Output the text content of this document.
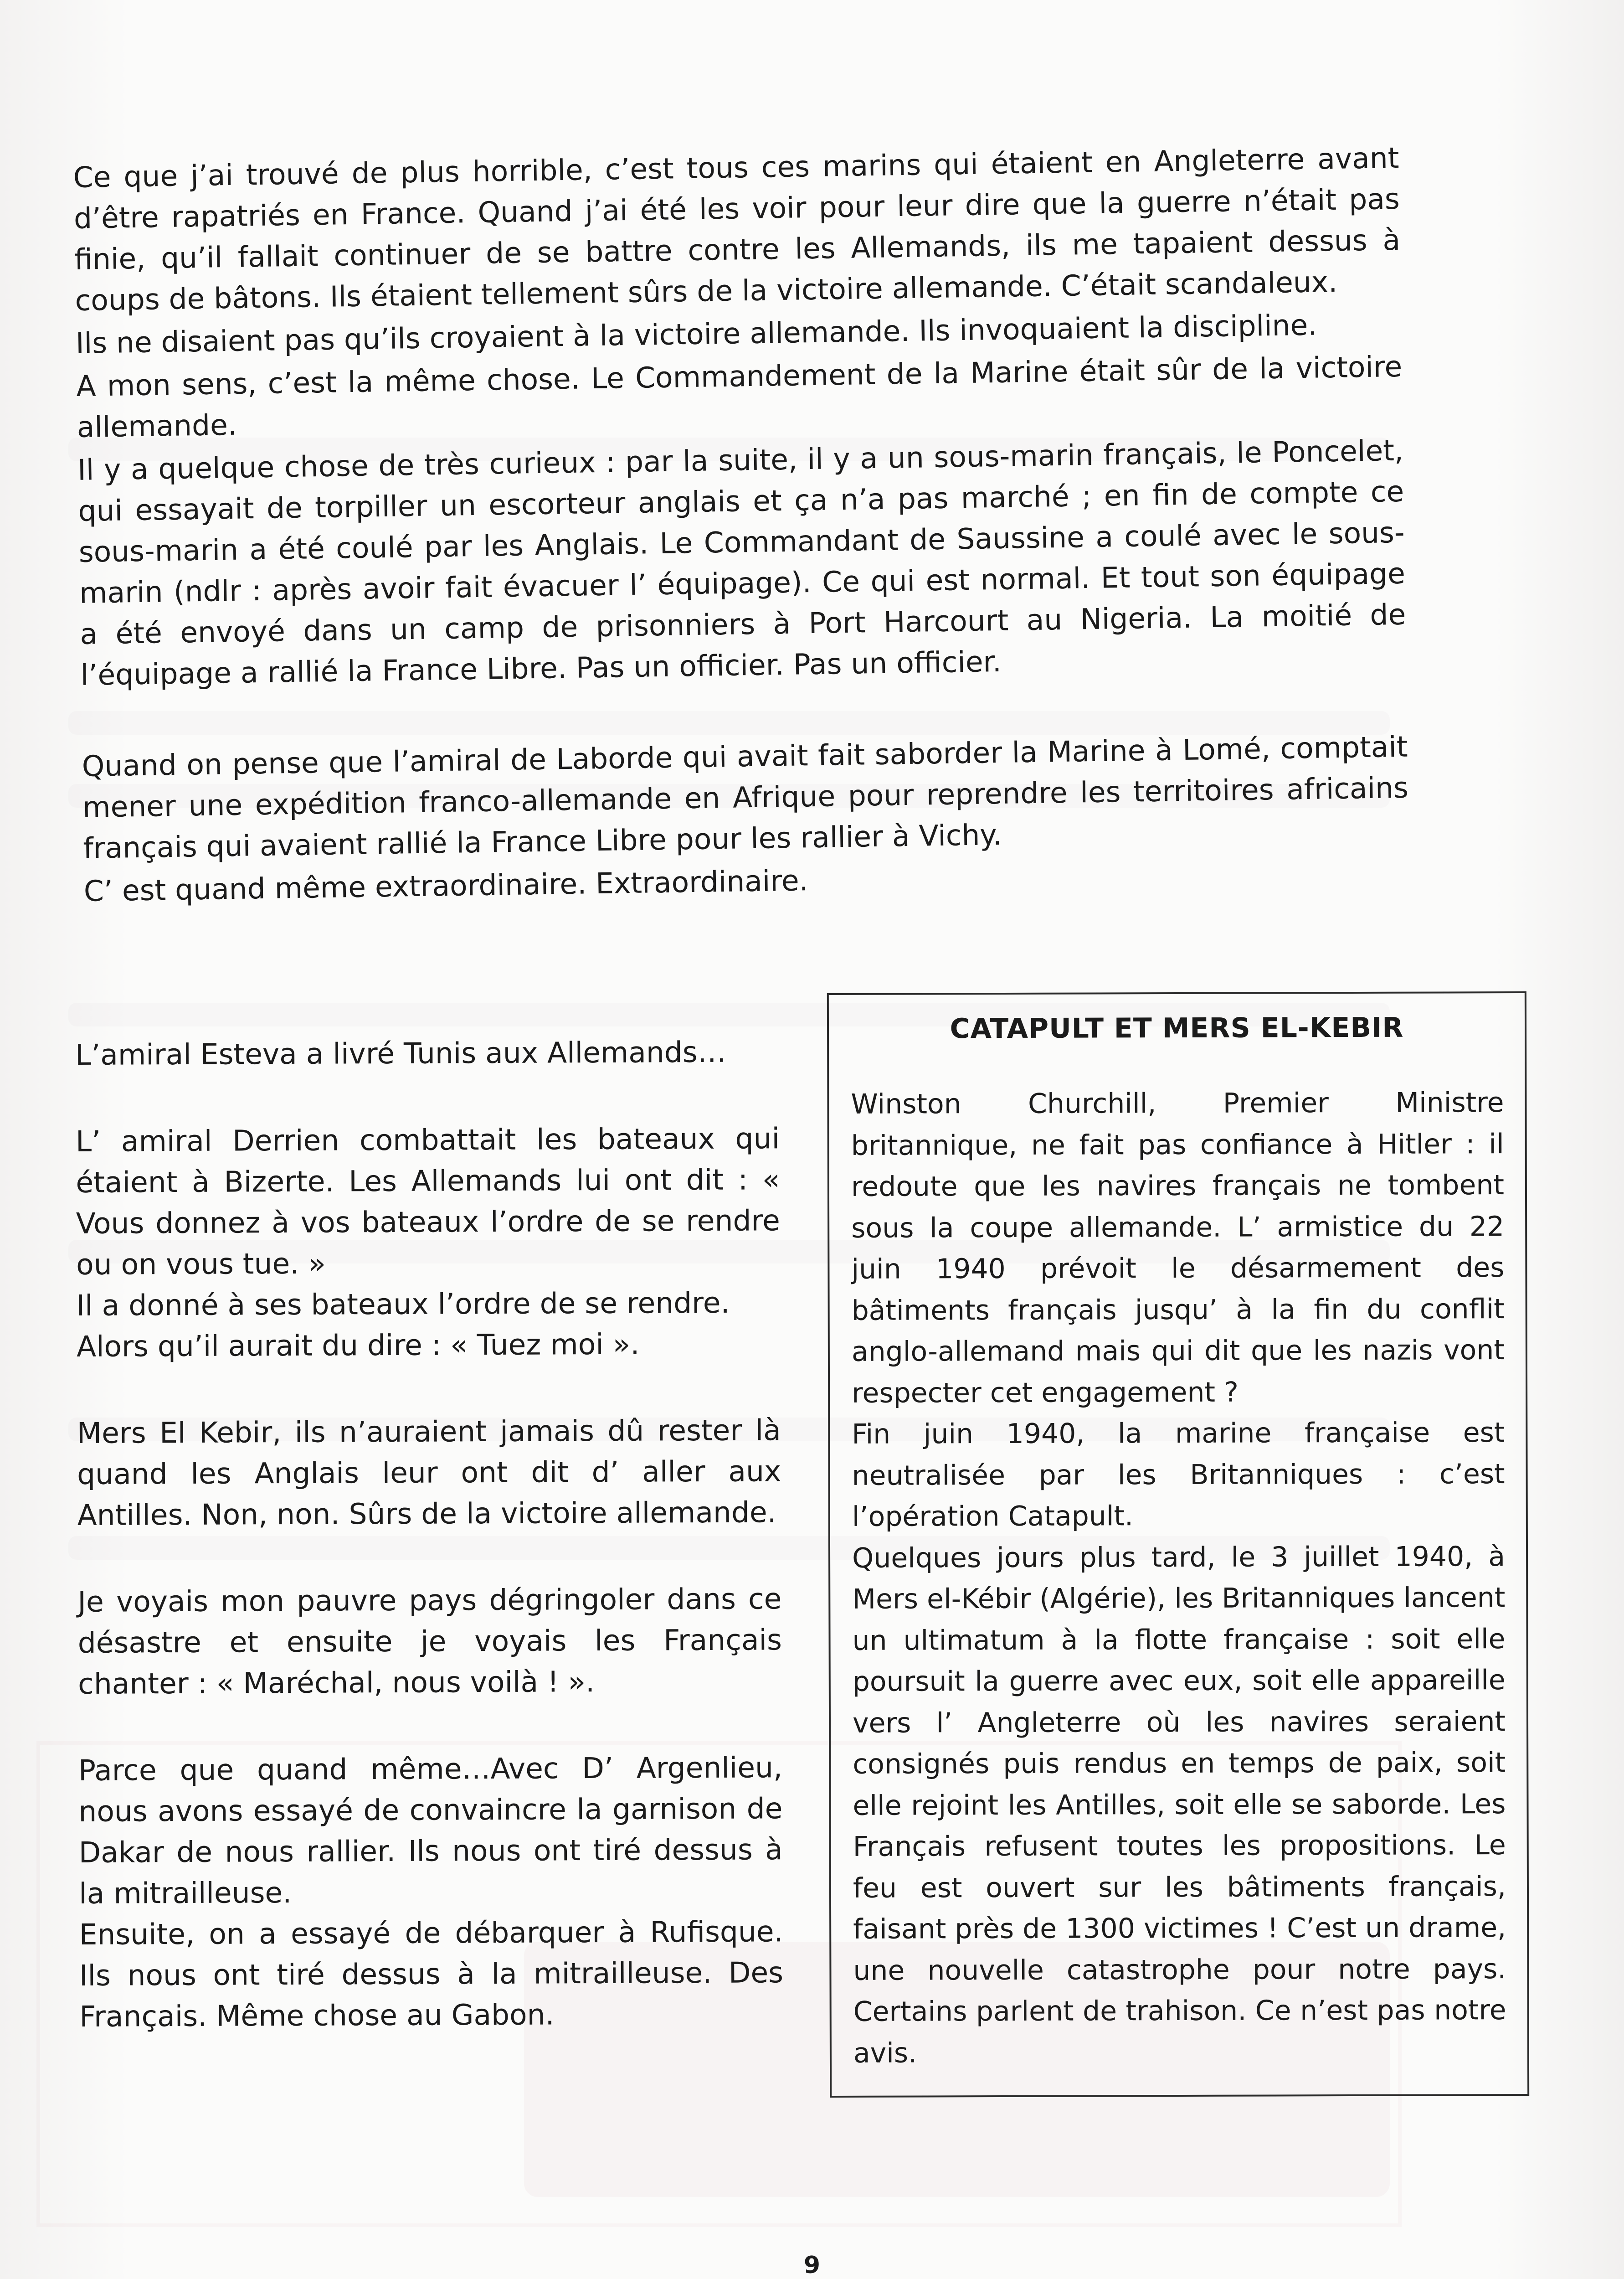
Ce que j’ai trouvé de plus horrible, c’est tous ces marins qui étaient en Angleterre avant d’être rapatriés en France. Quand j’ai été les voir pour leur dire que la guerre n’était pas finie, qu’il fallait continuer de se battre contre les Allemands, ils me tapaient dessus à coups de bâtons. Ils étaient tellement sûrs de la victoire allemande. C’était scandaleux.

Ils ne disaient pas qu’ils croyaient à la victoire allemande. Ils invoquaient la discipline.

A mon sens, c’est la même chose. Le Commandement de la Marine était sûr de la victoire allemande.

Il y a quelque chose de très curieux : par la suite, il y a un sous-marin français, le Poncelet, qui essayait de torpiller un escorteur anglais et ça n’a pas marché ; en fin de compte ce sous-marin a été coulé par les Anglais. Le Commandant de Saussine a coulé avec le sous-marin (ndlr : après avoir fait évacuer l’ équipage). Ce qui est normal. Et tout son équipage a été envoyé dans un camp de prisonniers à Port Harcourt au Nigeria. La moitié de l’équipage a rallié la France Libre. Pas un officier. Pas un officier.

Quand on pense que l’amiral de Laborde qui avait fait saborder la Marine à Lomé, comptait mener une expédition franco-allemande en Afrique pour reprendre les territoires africains français qui avaient rallié la France Libre pour les rallier à Vichy.

C’ est quand même extraordinaire. Extraordinaire.

L’amiral Esteva a livré Tunis aux Allemands…

L’ amiral Derrien combattait les bateaux qui étaient à Bizerte. Les Allemands lui ont dit : « Vous donnez à vos bateaux l’ordre de se rendre ou on vous tue. »

Il a donné à ses bateaux l’ordre de se rendre.

Alors qu’il aurait du dire : « Tuez moi ».

Mers El Kebir, ils n’auraient jamais dû rester là quand les Anglais leur ont dit d’ aller aux Antilles. Non, non. Sûrs de la victoire allemande.

Je voyais mon pauvre pays dégringoler dans ce désastre et ensuite je voyais les Français chanter : « Maréchal, nous voilà ! ».

Parce que quand même…Avec D’ Argenlieu, nous avons essayé de convaincre la garnison de Dakar de nous rallier. Ils nous ont tiré dessus à la mitrailleuse.

Ensuite, on a essayé de débarquer à Rufisque. Ils nous ont tiré dessus à la mitrailleuse. Des Français. Même chose au Gabon.

CATAPULT ET MERS EL-KEBIR

Winston Churchill, Premier Ministre britannique, ne fait pas confiance à Hitler : il redoute que les navires français ne tombent sous la coupe allemande. L’ armistice du 22 juin 1940 prévoit le désarmement des bâtiments français jusqu’ à la fin du conflit anglo-allemand mais qui dit que les nazis vont respecter cet engagement ?

Fin juin 1940, la marine française est neutralisée par les Britanniques : c’est l’opération Catapult.

Quelques jours plus tard, le 3 juillet 1940, à Mers el-Kébir (Algérie), les Britanniques lancent un ultimatum à la flotte française : soit elle poursuit la guerre avec eux, soit elle appareille vers l’ Angleterre où les navires seraient consignés puis rendus en temps de paix, soit elle rejoint les Antilles, soit elle se saborde. Les Français refusent toutes les propositions. Le feu est ouvert sur les bâtiments français, faisant près de 1300 victimes ! C’est un drame, une nouvelle catastrophe pour notre pays. Certains parlent de trahison. Ce n’est pas notre avis.

9
